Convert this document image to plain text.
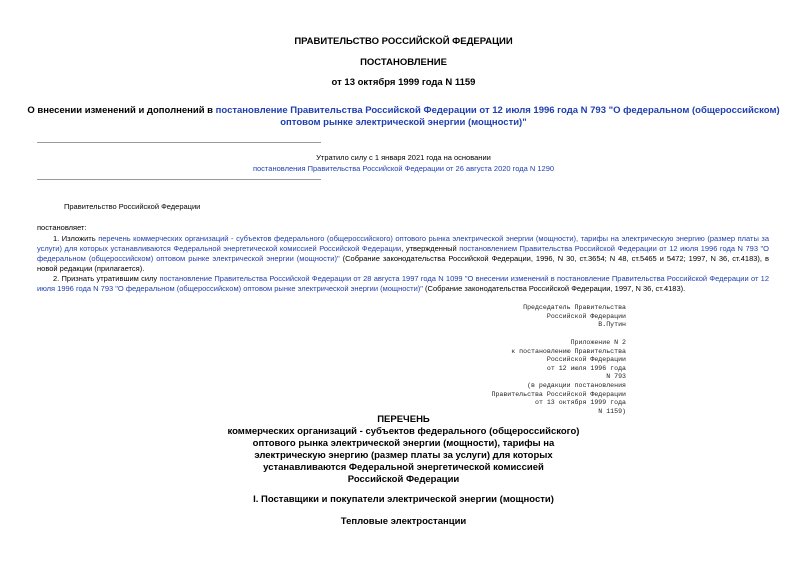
ПРАВИТЕЛЬСТВО РОССИЙСКОЙ ФЕДЕРАЦИИ
ПОСТАНОВЛЕНИЕ
от 13 октября 1999 года N 1159
О внесении изменений и дополнений в постановление Правительства Российской Федерации от 12 июля 1996 года N 793 "О федеральном (общероссийском)
оптовом рынке электрической энергии (мощности)"
Утратило силу с 1 января 2021 года на основании
постановления Правительства Российской Федерации от 26 августа 2020 года N 1290
Правительство Российской Федерации
постановляет:
1. Изложить перечень коммерческих организаций - субъектов федерального (общероссийского) оптового рынка электрической энергии (мощности), тарифы на электрическую энергию (размер платы за услуги) для которых устанавливаются Федеральной энергетической комиссией Российской Федерации, утвержденный постановлением Правительства Российской Федерации от 12 июля 1996 года N 793 "О федеральном (общероссийском) оптовом рынке электрической энергии (мощности)" (Собрание законодательства Российской Федерации, 1996, N 30, ст.3654; N 48, ст.5465 и 5472; 1997, N 36, ст.4183), в новой редакции (прилагается).
2. Признать утратившим силу постановление Правительства Российской Федерации от 28 августа 1997 года N 1099 "О внесении изменений в постановление Правительства Российской Федерации от 12 июля 1996 года N 793 "О федеральном (общероссийском) оптовом рынке электрической энергии (мощности)" (Собрание законодательства Российской Федерации, 1997, N 36, ст.4183).
Председатель Правительства
Российской Федерации
В.Путин
Приложение N 2
к постановлению Правительства
Российской Федерации
от 12 июля 1996 года
N 793
(в редакции постановления
Правительства Российской Федерации
от 13 октября 1999 года
N 1159)
ПЕРЕЧЕНЬ
коммерческих организаций - субъектов федерального (общероссийского)
оптового рынка электрической энергии (мощности), тарифы на
электрическую энергию (размер платы за услуги) для которых
устанавливаются Федеральной энергетической комиссией
Российской Федерации
I. Поставщики и покупатели электрической энергии (мощности)
Тепловые электростанции
